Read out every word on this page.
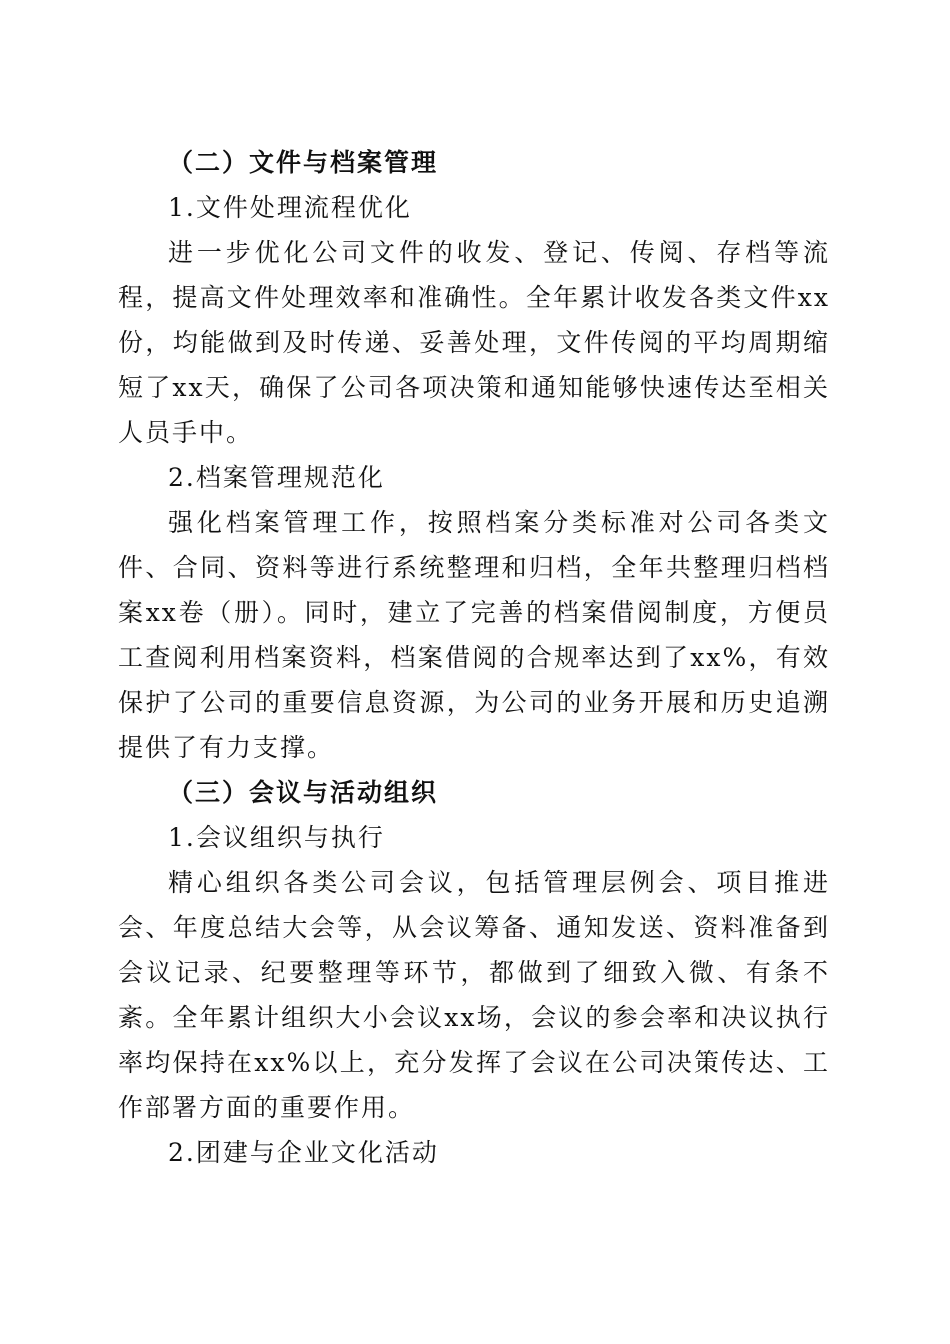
（二）文件与档案管理
1.文件处理流程优化

进一步优化公司文件的收发、登记、传阅、存档等流程，提高文件处理效率和准确性。全年累计收发各类文件xx份，均能做到及时传递、妥善处理，文件传阅的平均周期缩短了xx天，确保了公司各项决策和通知能够快速传达至相关人员手中。

2.档案管理规范化

强化档案管理工作，按照档案分类标准对公司各类文件、合同、资料等进行系统整理和归档，全年共整理归档档案xx卷（册）。同时，建立了完善的档案借阅制度，方便员工查阅利用档案资料，档案借阅的合规率达到了xx%，有效保护了公司的重要信息资源，为公司的业务开展和历史追溯提供了有力支撑。

（三）会议与活动组织
1.会议组织与执行

精心组织各类公司会议，包括管理层例会、项目推进会、年度总结大会等，从会议筹备、通知发送、资料准备到会议记录、纪要整理等环节，都做到了细致入微、有条不紊。全年累计组织大小会议xx场，会议的参会率和决议执行率均保持在xx%以上，充分发挥了会议在公司决策传达、工作部署方面的重要作用。

2.团建与企业文化活动
